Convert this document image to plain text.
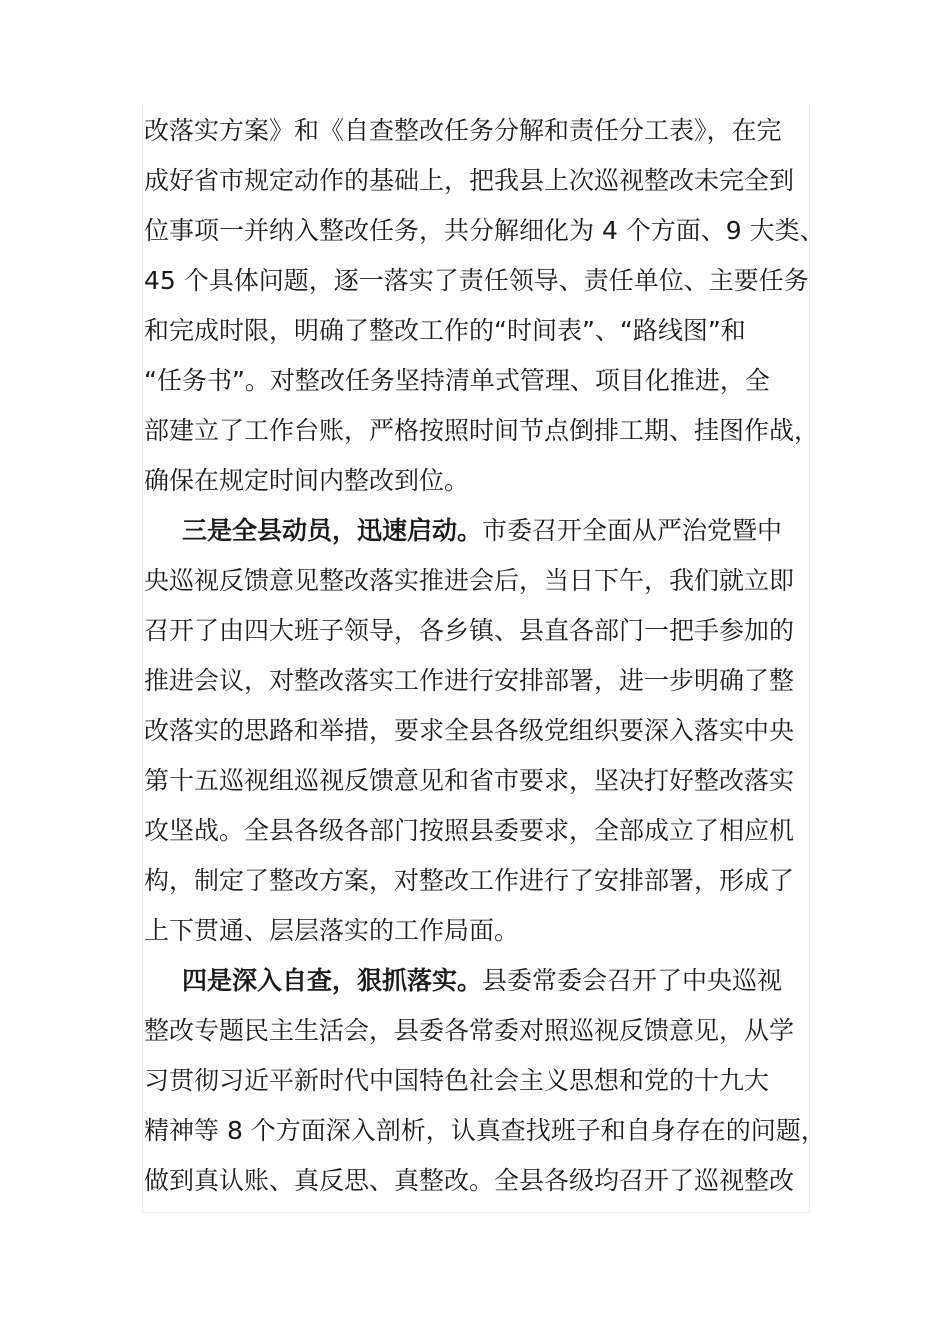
改落实方案》和《自查整改任务分解和责任分工表》，在完
成好省市规定动作的基础上，把我县上次巡视整改未完全到
位事项一并纳入整改任务，共分解细化为 4 个方面、9 大类、
45 个具体问题，逐一落实了责任领导、责任单位、主要任务
和完成时限，明确了整改工作的“时间表”、“路线图”和
“任务书”。对整改任务坚持清单式管理、项目化推进，全
部建立了工作台账，严格按照时间节点倒排工期、挂图作战，
确保在规定时间内整改到位。
三是全县动员，迅速启动。市委召开全面从严治党暨中
央巡视反馈意见整改落实推进会后，当日下午，我们就立即
召开了由四大班子领导，各乡镇、县直各部门一把手参加的
推进会议，对整改落实工作进行安排部署，进一步明确了整
改落实的思路和举措，要求全县各级党组织要深入落实中央
第十五巡视组巡视反馈意见和省市要求，坚决打好整改落实
攻坚战。全县各级各部门按照县委要求，全部成立了相应机
构，制定了整改方案，对整改工作进行了安排部署，形成了
上下贯通、层层落实的工作局面。
四是深入自查，狠抓落实。县委常委会召开了中央巡视
整改专题民主生活会，县委各常委对照巡视反馈意见，从学
习贯彻习近平新时代中国特色社会主义思想和党的十九大
精神等 8 个方面深入剖析，认真查找班子和自身存在的问题，
做到真认账、真反思、真整改。全县各级均召开了巡视整改
